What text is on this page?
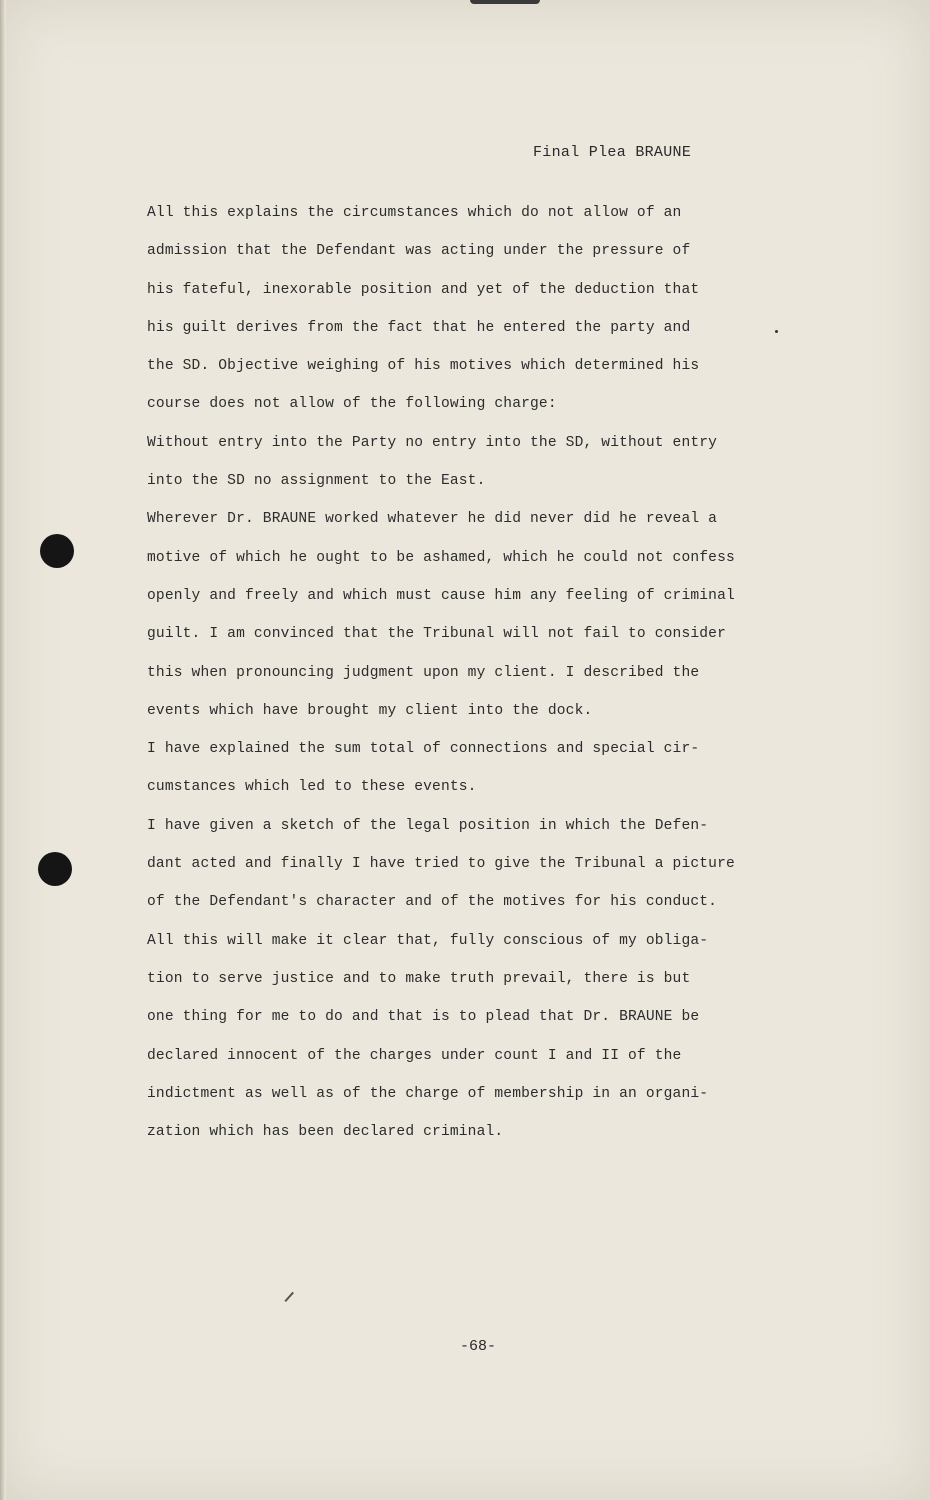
Final Plea BRAUNE
All this explains the circumstances which do not allow of an
admission that the Defendant was acting under the pressure of
his fateful, inexorable position and yet of the deduction that
his guilt derives from the fact that he entered the party and
the SD. Objective weighing of his motives which determined his
course does not allow of the following charge:
Without entry into the Party no entry into the SD, without entry
into the SD no assignment to the East.
Wherever Dr. BRAUNE worked whatever he did never did he reveal a
motive of which he ought to be ashamed, which he could not confess
openly and freely and which must cause him any feeling of criminal
guilt. I am convinced that the Tribunal will not fail to consider
this when pronouncing judgment upon my client. I described the
events which have brought my client into the dock.
I have explained the sum total of connections and special cir-
cumstances which led to these events.
I have given a sketch of the legal position in which the Defen-
dant acted and finally I have tried to give the Tribunal a picture
of the Defendant's character and of the motives for his conduct.
All this will make it clear that, fully conscious of my obliga-
tion to serve justice and to make truth prevail, there is but
one thing for me to do and that is to plead that Dr. BRAUNE be
declared innocent of the charges under count I and II of the
indictment as well as of the charge of membership in an organi-
zation which has been declared criminal.
-68-
